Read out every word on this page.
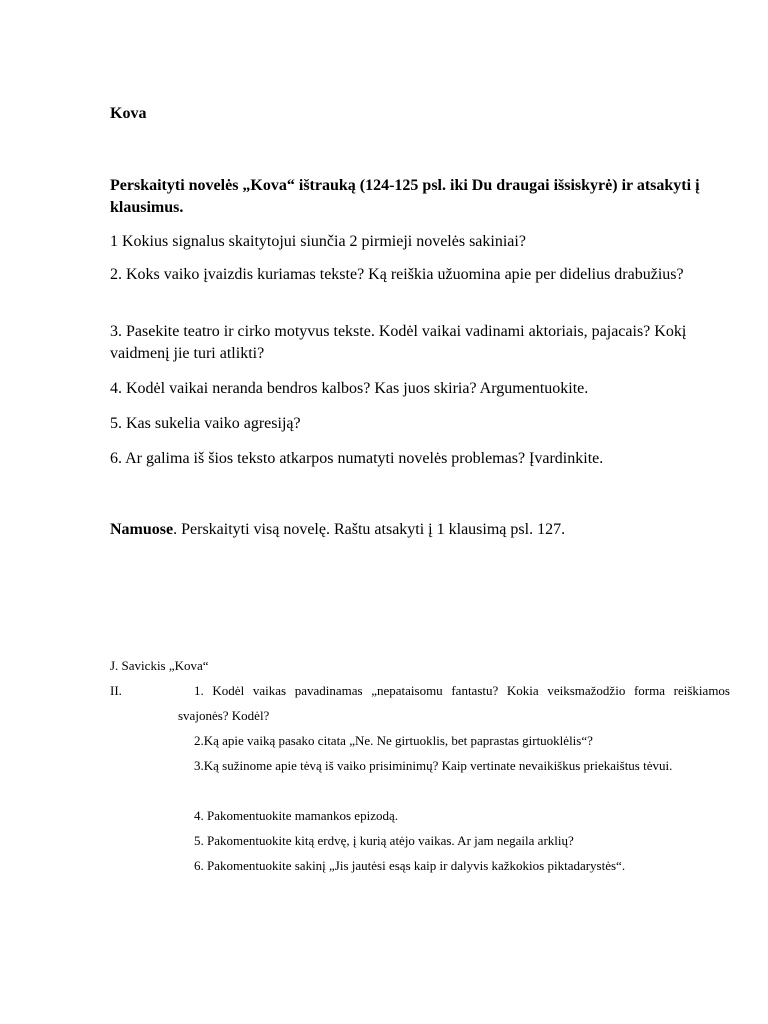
Kova
Perskaityti novelės „Kova“ ištrauką (124-125 psl. iki Du draugai išsiskyrė) ir atsakyti į klausimus.
1 Kokius signalus skaitytojui siunčia 2 pirmieji novelės sakiniai?
2. Koks vaiko įvaizdis kuriamas tekste? Ką reiškia užuomina apie per didelius drabužius?
3. Pasekite teatro ir cirko motyvus tekste. Kodėl vaikai vadinami aktoriais, pajacais? Kokį vaidmenį jie turi atlikti?
4. Kodėl vaikai neranda bendros kalbos? Kas juos skiria? Argumentuokite.
5. Kas sukelia vaiko agresiją?
6. Ar galima iš šios teksto atkarpos numatyti novelės problemas? Įvardinkite.
Namuose. Perskaityti visą novelę. Raštu atsakyti į 1 klausimą psl. 127.
J. Savickis „Kova“
II.	1. Kodėl vaikas pavadinamas „nepataisomu fantastu? Kokia veiksmažodžio forma reiškiamos svajonės? Kodėl?
2.Ką apie vaiką pasako citata „Ne. Ne girtuoklis, bet paprastas girtuoklėlis“?
3.Ką sužinome apie tėvą iš vaiko prisiminimų? Kaip vertinate nevaikiškus priekaištus tėvui.
4. Pakomentuokite mamankos epizodą.
5. Pakomentuokite kitą erdvę, į kurią atėjo vaikas. Ar jam negaila arklių?
6. Pakomentuokite sakinį „Jis jautėsi esąs kaip ir dalyvis kažkokios piktadarystės“.
